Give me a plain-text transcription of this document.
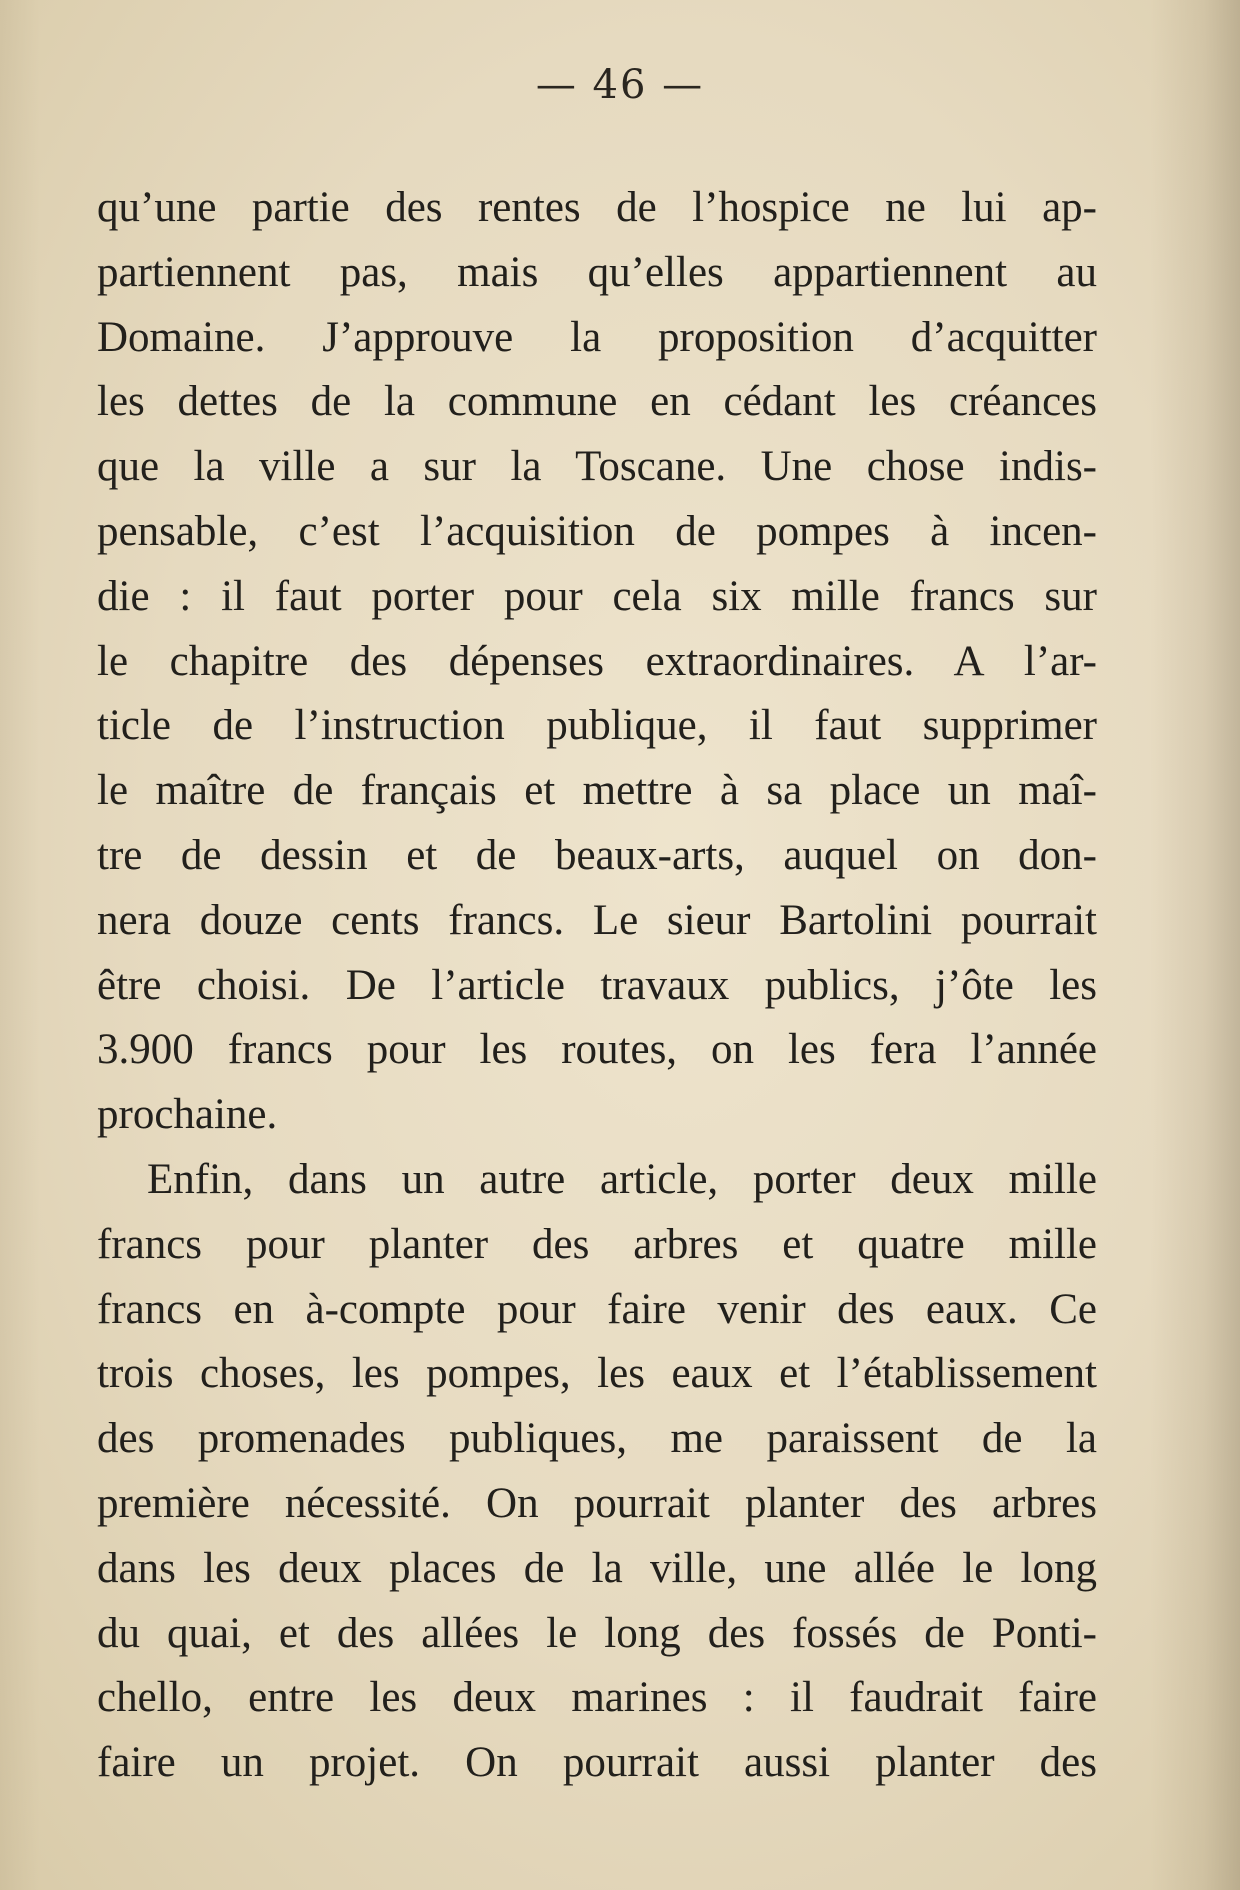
— 46 —
qu’une partie des rentes de l’hospice ne lui ap-
partiennent pas, mais qu’elles appartiennent au
Domaine. J’approuve la proposition d’acquitter
les dettes de la commune en cédant les créances
que la ville a sur la Toscane. Une chose indis-
pensable, c’est l’acquisition de pompes à incen-
die : il faut porter pour cela six mille francs sur
le chapitre des dépenses extraordinaires. A l’ar-
ticle de l’instruction publique, il faut supprimer
le maître de français et mettre à sa place un maî-
tre de dessin et de beaux-arts, auquel on don-
nera douze cents francs. Le sieur Bartolini pourrait
être choisi. De l’article travaux publics, j’ôte les
3.900 francs pour les routes, on les fera l’année
prochaine.
Enfin, dans un autre article, porter deux mille
francs pour planter des arbres et quatre mille
francs en à-compte pour faire venir des eaux. Ce
trois choses, les pompes, les eaux et l’établissement
des promenades publiques, me paraissent de la
première nécessité. On pourrait planter des arbres
dans les deux places de la ville, une allée le long
du quai, et des allées le long des fossés de Ponti-
chello, entre les deux marines : il faudrait faire
faire un projet. On pourrait aussi planter des
